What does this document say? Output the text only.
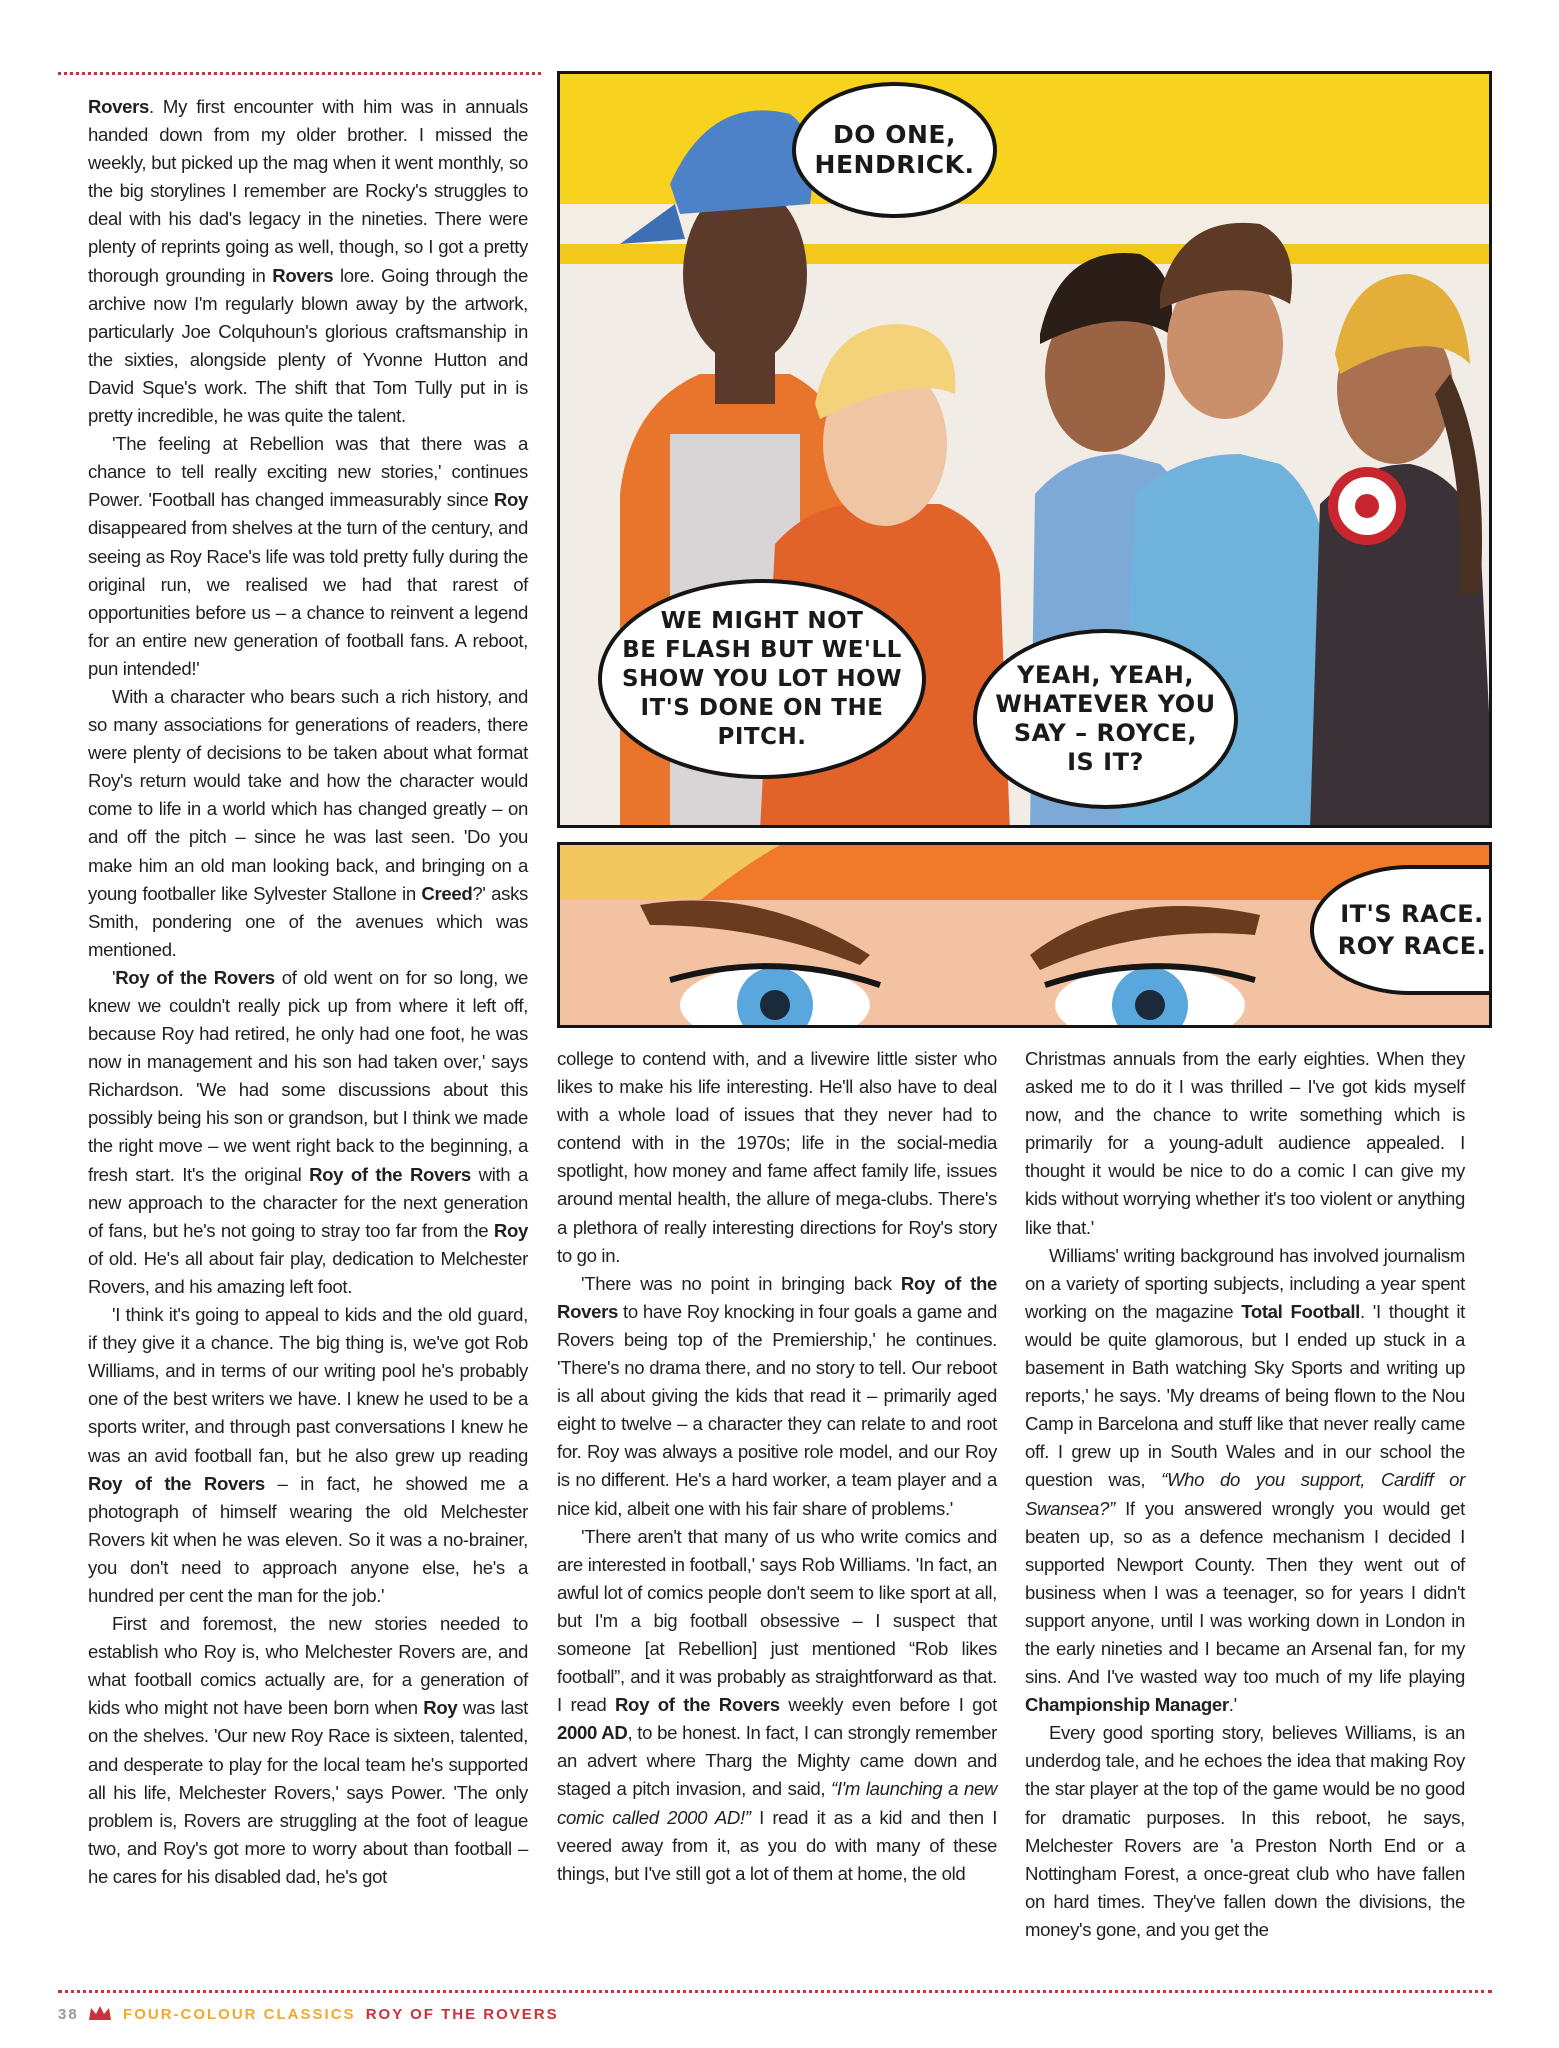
Rovers. My first encounter with him was in annuals handed down from my older brother. I missed the weekly, but picked up the mag when it went monthly, so the big storylines I remember are Rocky's struggles to deal with his dad's legacy in the nineties. There were plenty of reprints going as well, though, so I got a pretty thorough grounding in Rovers lore. Going through the archive now I'm regularly blown away by the artwork, particularly Joe Colquhoun's glorious craftsmanship in the sixties, alongside plenty of Yvonne Hutton and David Sque's work. The shift that Tom Tully put in is pretty incredible, he was quite the talent.

'The feeling at Rebellion was that there was a chance to tell really exciting new stories,' continues Power. 'Football has changed immeasurably since Roy disappeared from shelves at the turn of the century, and seeing as Roy Race's life was told pretty fully during the original run, we realised we had that rarest of opportunities before us – a chance to reinvent a legend for an entire new generation of football fans. A reboot, pun intended!'

With a character who bears such a rich history, and so many associations for generations of readers, there were plenty of decisions to be taken about what format Roy's return would take and how the character would come to life in a world which has changed greatly – on and off the pitch – since he was last seen. 'Do you make him an old man looking back, and bringing on a young footballer like Sylvester Stallone in Creed?' asks Smith, pondering one of the avenues which was mentioned.

'Roy of the Rovers of old went on for so long, we knew we couldn't really pick up from where it left off, because Roy had retired, he only had one foot, he was now in management and his son had taken over,' says Richardson. 'We had some discussions about this possibly being his son or grandson, but I think we made the right move – we went right back to the beginning, a fresh start. It's the original Roy of the Rovers with a new approach to the character for the next generation of fans, but he's not going to stray too far from the Roy of old. He's all about fair play, dedication to Melchester Rovers, and his amazing left foot.

'I think it's going to appeal to kids and the old guard, if they give it a chance. The big thing is, we've got Rob Williams, and in terms of our writing pool he's probably one of the best writers we have. I knew he used to be a sports writer, and through past conversations I knew he was an avid football fan, but he also grew up reading Roy of the Rovers – in fact, he showed me a photograph of himself wearing the old Melchester Rovers kit when he was eleven. So it was a no-brainer, you don't need to approach anyone else, he's a hundred per cent the man for the job.'

First and foremost, the new stories needed to establish who Roy is, who Melchester Rovers are, and what football comics actually are, for a generation of kids who might not have been born when Roy was last on the shelves. 'Our new Roy Race is sixteen, talented, and desperate to play for the local team he's supported all his life, Melchester Rovers,' says Power. 'The only problem is, Rovers are struggling at the foot of league two, and Roy's got more to worry about than football – he cares for his disabled dad, he's got

DO ONE,
HENDRICK.
WE MIGHT NOT
BE FLASH BUT WE'LL
SHOW YOU LOT HOW
IT'S DONE ON THE
PITCH.
YEAH, YEAH,
WHATEVER YOU
SAY – ROYCE,
IS IT?
IT'S RACE.
ROY RACE.

college to contend with, and a livewire little sister who likes to make his life interesting. He'll also have to deal with a whole load of issues that they never had to contend with in the 1970s; life in the social-media spotlight, how money and fame affect family life, issues around mental health, the allure of mega-clubs. There's a plethora of really interesting directions for Roy's story to go in.

'There was no point in bringing back Roy of the Rovers to have Roy knocking in four goals a game and Rovers being top of the Premiership,' he continues. 'There's no drama there, and no story to tell. Our reboot is all about giving the kids that read it – primarily aged eight to twelve – a character they can relate to and root for. Roy was always a positive role model, and our Roy is no different. He's a hard worker, a team player and a nice kid, albeit one with his fair share of problems.'

'There aren't that many of us who write comics and are interested in football,' says Rob Williams. 'In fact, an awful lot of comics people don't seem to like sport at all, but I'm a big football obsessive – I suspect that someone [at Rebellion] just mentioned “Rob likes football”, and it was probably as straightforward as that. I read Roy of the Rovers weekly even before I got 2000 AD, to be honest. In fact, I can strongly remember an advert where Tharg the Mighty came down and staged a pitch invasion, and said, “I'm launching a new comic called 2000 AD!” I read it as a kid and then I veered away from it, as you do with many of these things, but I've still got a lot of them at home, the old

Christmas annuals from the early eighties. When they asked me to do it I was thrilled – I've got kids myself now, and the chance to write something which is primarily for a young-adult audience appealed. I thought it would be nice to do a comic I can give my kids without worrying whether it's too violent or anything like that.'

Williams' writing background has involved journalism on a variety of sporting subjects, including a year spent working on the magazine Total Football. 'I thought it would be quite glamorous, but I ended up stuck in a basement in Bath watching Sky Sports and writing up reports,' he says. 'My dreams of being flown to the Nou Camp in Barcelona and stuff like that never really came off. I grew up in South Wales and in our school the question was, “Who do you support, Cardiff or Swansea?” If you answered wrongly you would get beaten up, so as a defence mechanism I decided I supported Newport County. Then they went out of business when I was a teenager, so for years I didn't support anyone, until I was working down in London in the early nineties and I became an Arsenal fan, for my sins. And I've wasted way too much of my life playing Championship Manager.'

Every good sporting story, believes Williams, is an underdog tale, and he echoes the idea that making Roy the star player at the top of the game would be no good for dramatic purposes. In this reboot, he says, Melchester Rovers are 'a Preston North End or a Nottingham Forest, a once-great club who have fallen on hard times. They've fallen down the divisions, the money's gone, and you get the

38	FOUR-COLOUR CLASSICS ROY OF THE ROVERS
